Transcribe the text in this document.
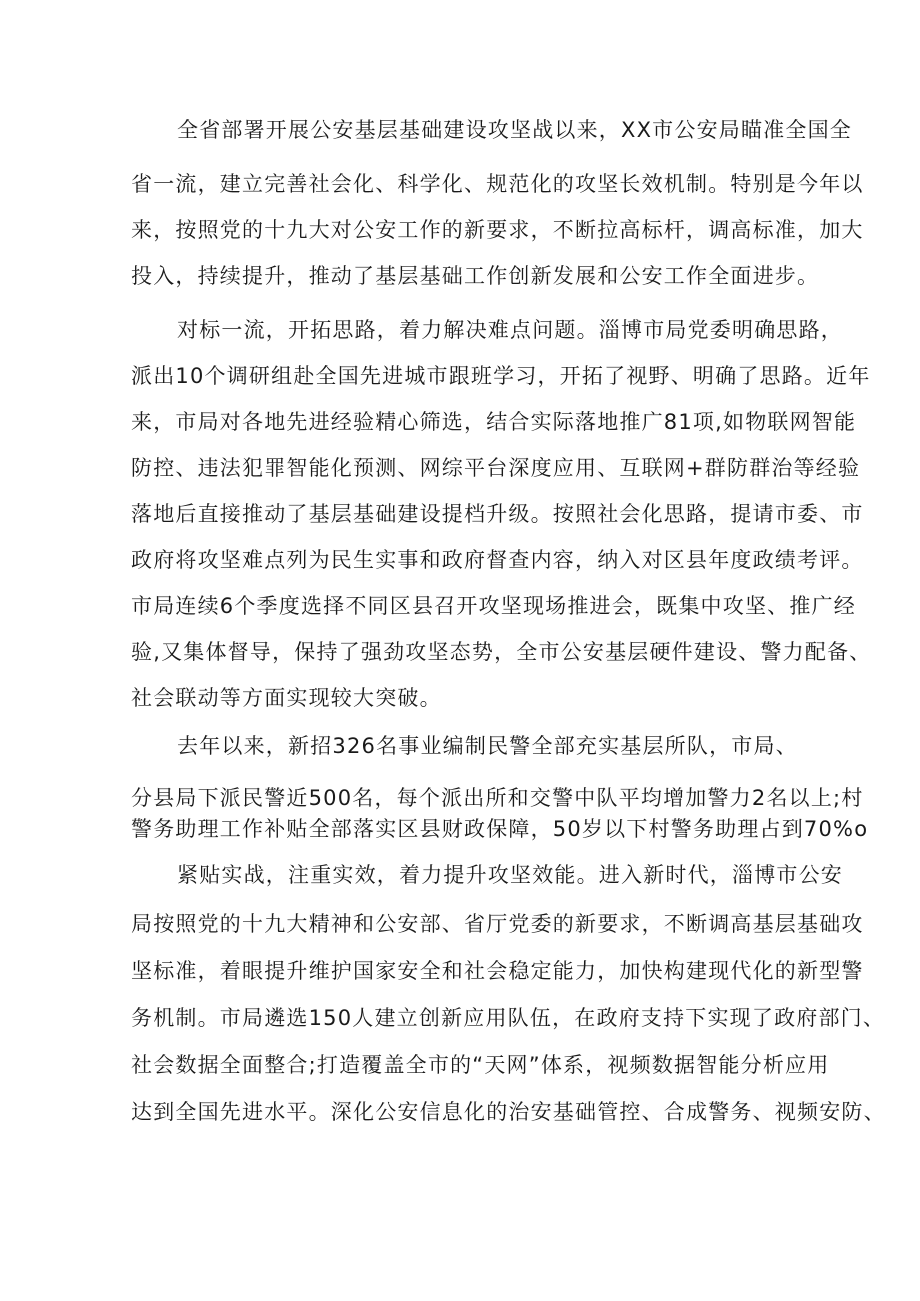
全省部署开展公安基层基础建设攻坚战以来，XX市公安局瞄准全国全
省一流，建立完善社会化、科学化、规范化的攻坚长效机制。特别是今年以
来，按照党的十九大对公安工作的新要求，不断拉高标杆，调高标准，加大
投入，持续提升，推动了基层基础工作创新发展和公安工作全面进步。
对标一流，开拓思路，着力解决难点问题。淄博市局党委明确思路，
派出10个调研组赴全国先进城市跟班学习，开拓了视野、明确了思路。近年
来，市局对各地先进经验精心筛选，结合实际落地推广81项,如物联网智能
防控、违法犯罪智能化预测、网综平台深度应用、互联网+群防群治等经验
落地后直接推动了基层基础建设提档升级。按照社会化思路，提请市委、市
政府将攻坚难点列为民生实事和政府督查内容，纳入对区县年度政绩考评。
市局连续6个季度选择不同区县召开攻坚现场推进会，既集中攻坚、推广经
验,又集体督导，保持了强劲攻坚态势，全市公安基层硬件建设、警力配备、
社会联动等方面实现较大突破。
去年以来，新招326名事业编制民警全部充实基层所队，市局、
分县局下派民警近500名，每个派出所和交警中队平均增加警力2名以上;村
警务助理工作补贴全部落实区县财政保障，50岁以下村警务助理占到70%o
紧贴实战，注重实效，着力提升攻坚效能。进入新时代，淄博市公安
局按照党的十九大精神和公安部、省厅党委的新要求，不断调高基层基础攻
坚标准，着眼提升维护国家安全和社会稳定能力，加快构建现代化的新型警
务机制。市局遴选150人建立创新应用队伍，在政府支持下实现了政府部门、
社会数据全面整合;打造覆盖全市的“天网”体系，视频数据智能分析应用
达到全国先进水平。深化公安信息化的治安基础管控、合成警务、视频安防、
